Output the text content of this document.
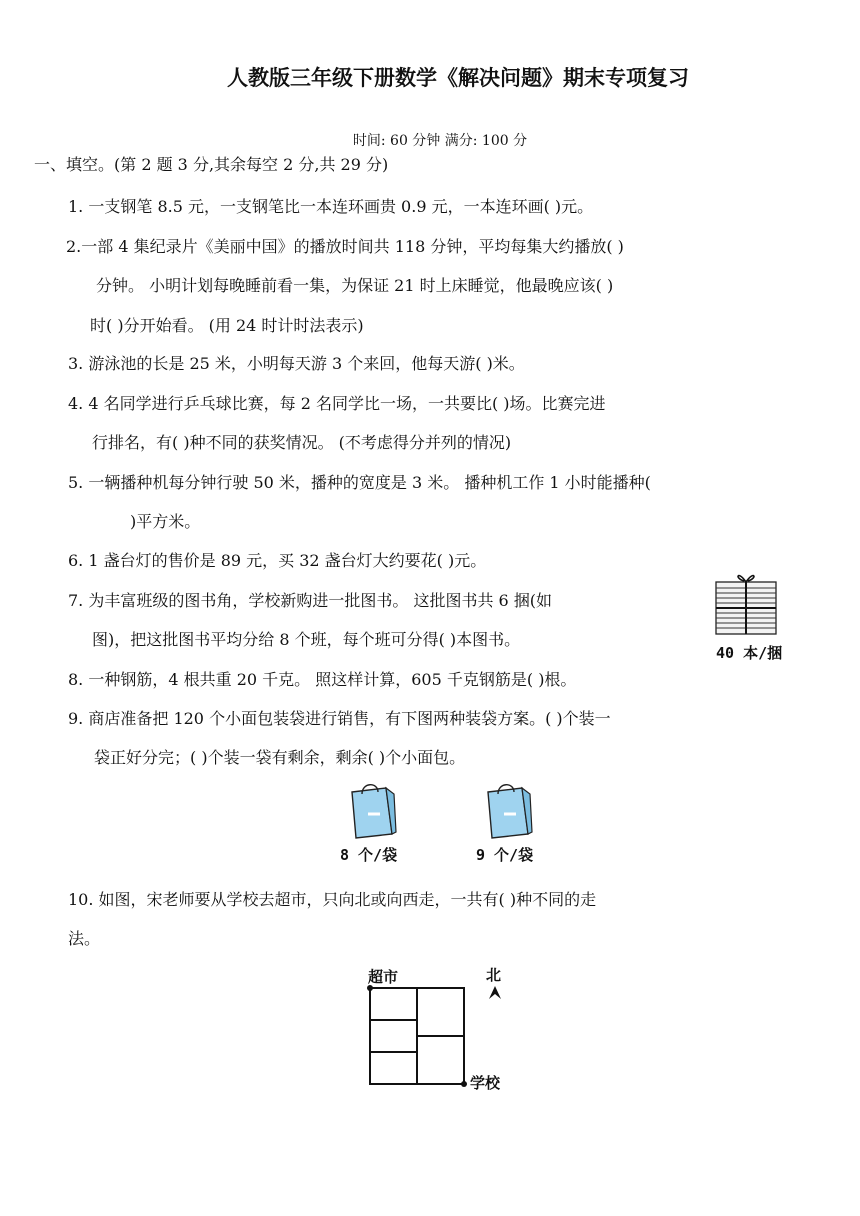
人教版三年级下册数学《解决问题》期末专项复习
时间: 60 分钟 满分: 100 分
一、填空。(第 2 题 3 分,其余每空 2 分,共 29 分)
1. 一支钢笔 8.5 元，一支钢笔比一本连环画贵 0.9 元，一本连环画( )元。
2.一部 4 集纪录片《美丽中国》的播放时间共 118 分钟，平均每集大约播放( )
分钟。 小明计划每晚睡前看一集，为保证 21 时上床睡觉，他最晚应该( )
时( )分开始看。 (用 24 时计时法表示)
3. 游泳池的长是 25 米，小明每天游 3 个来回，他每天游( )米。
4. 4 名同学进行乒乓球比赛，每 2 名同学比一场，一共要比( )场。比赛完进
行排名，有( )种不同的获奖情况。 (不考虑得分并列的情况)
5. 一辆播种机每分钟行驶 50 米，播种的宽度是 3 米。 播种机工作 1 小时能播种(
)平方米。
6. 1 盏台灯的售价是 89 元，买 32 盏台灯大约要花( )元。
7. 为丰富班级的图书角，学校新购进一批图书。 这批图书共 6 捆(如
图)，把这批图书平均分给 8 个班，每个班可分得( )本图书。
40 本/捆
8. 一种钢筋，4 根共重 20 千克。 照这样计算，605 千克钢筋是( )根。
9. 商店准备把 120 个小面包装袋进行销售，有下图两种装袋方案。( )个装一
袋正好分完；( )个装一袋有剩余，剩余( )个小面包。
8 个/袋	9 个/袋
10. 如图，宋老师要从学校去超市，只向北或向西走，一共有( )种不同的走
法。
超市	北
学校
